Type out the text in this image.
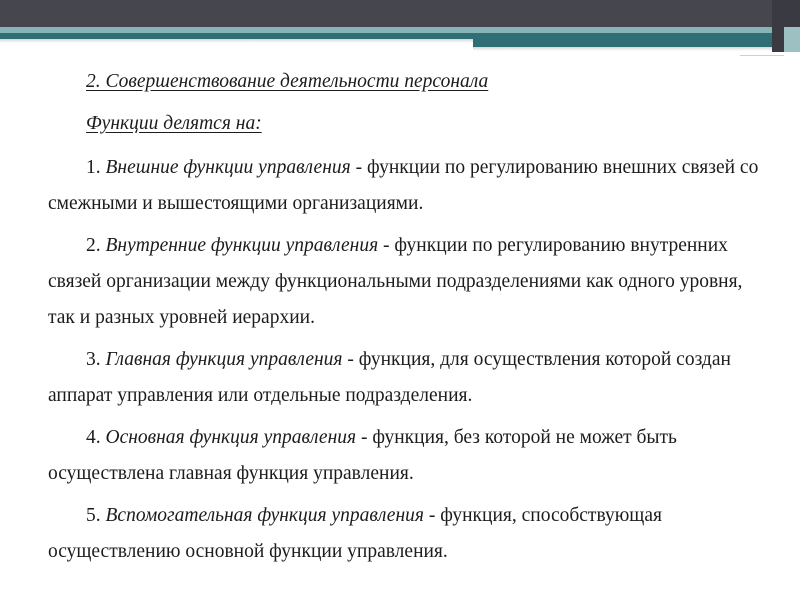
2. Совершенствование деятельности персонала

Функции делятся на:

1. Внешние функции управления - функции по регулированию внешних связей со смежными и вышестоящими организациями.

2. Внутренние функции управления - функции по регулированию внутренних связей организации между функциональными подразделениями как одного уровня, так и разных уровней иерархии.

3. Главная функция управления - функция, для осуществления которой создан аппарат управления или отдельные подразделения.

4. Основная функция управления - функция, без которой не может быть осуществлена главная функция управления.

5. Вспомогательная функция управления - функция, способствующая осуществлению основной функции управления.
